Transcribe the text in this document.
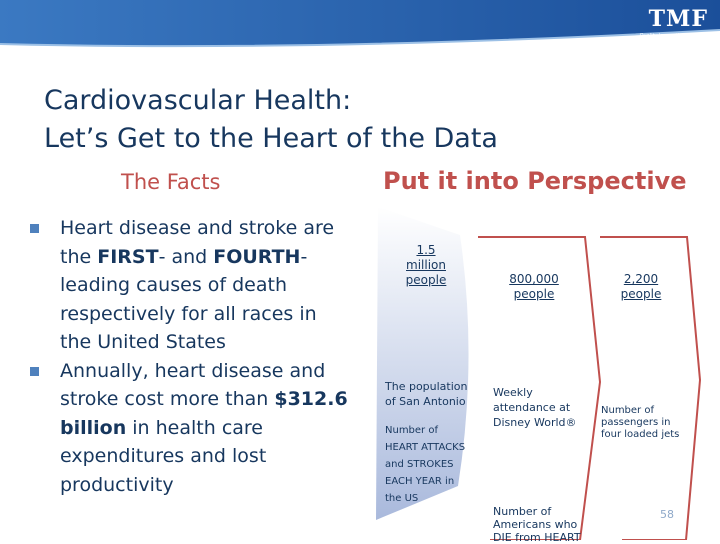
TMF
Quality Innovation Network
Cardiovascular Health:
Let’s Get to the Heart of the Data
The Facts	Put it into Perspective
Heart disease and stroke are the FIRST- and FOURTH-leading causes of death respectively for all races in the United States
Annually, heart disease and stroke cost more than $312.6 billion in health care expenditures and lost productivity
1.5 million
people
The population
of San Antonio
Number of
HEART ATTACKS
and STROKES
EACH YEAR in
the US
800,000
people
Weekly
attendance at
Disney World®
Number of
Americans who
DIE from HEART
2,200
people
Number of
passengers in
four loaded jets
58
